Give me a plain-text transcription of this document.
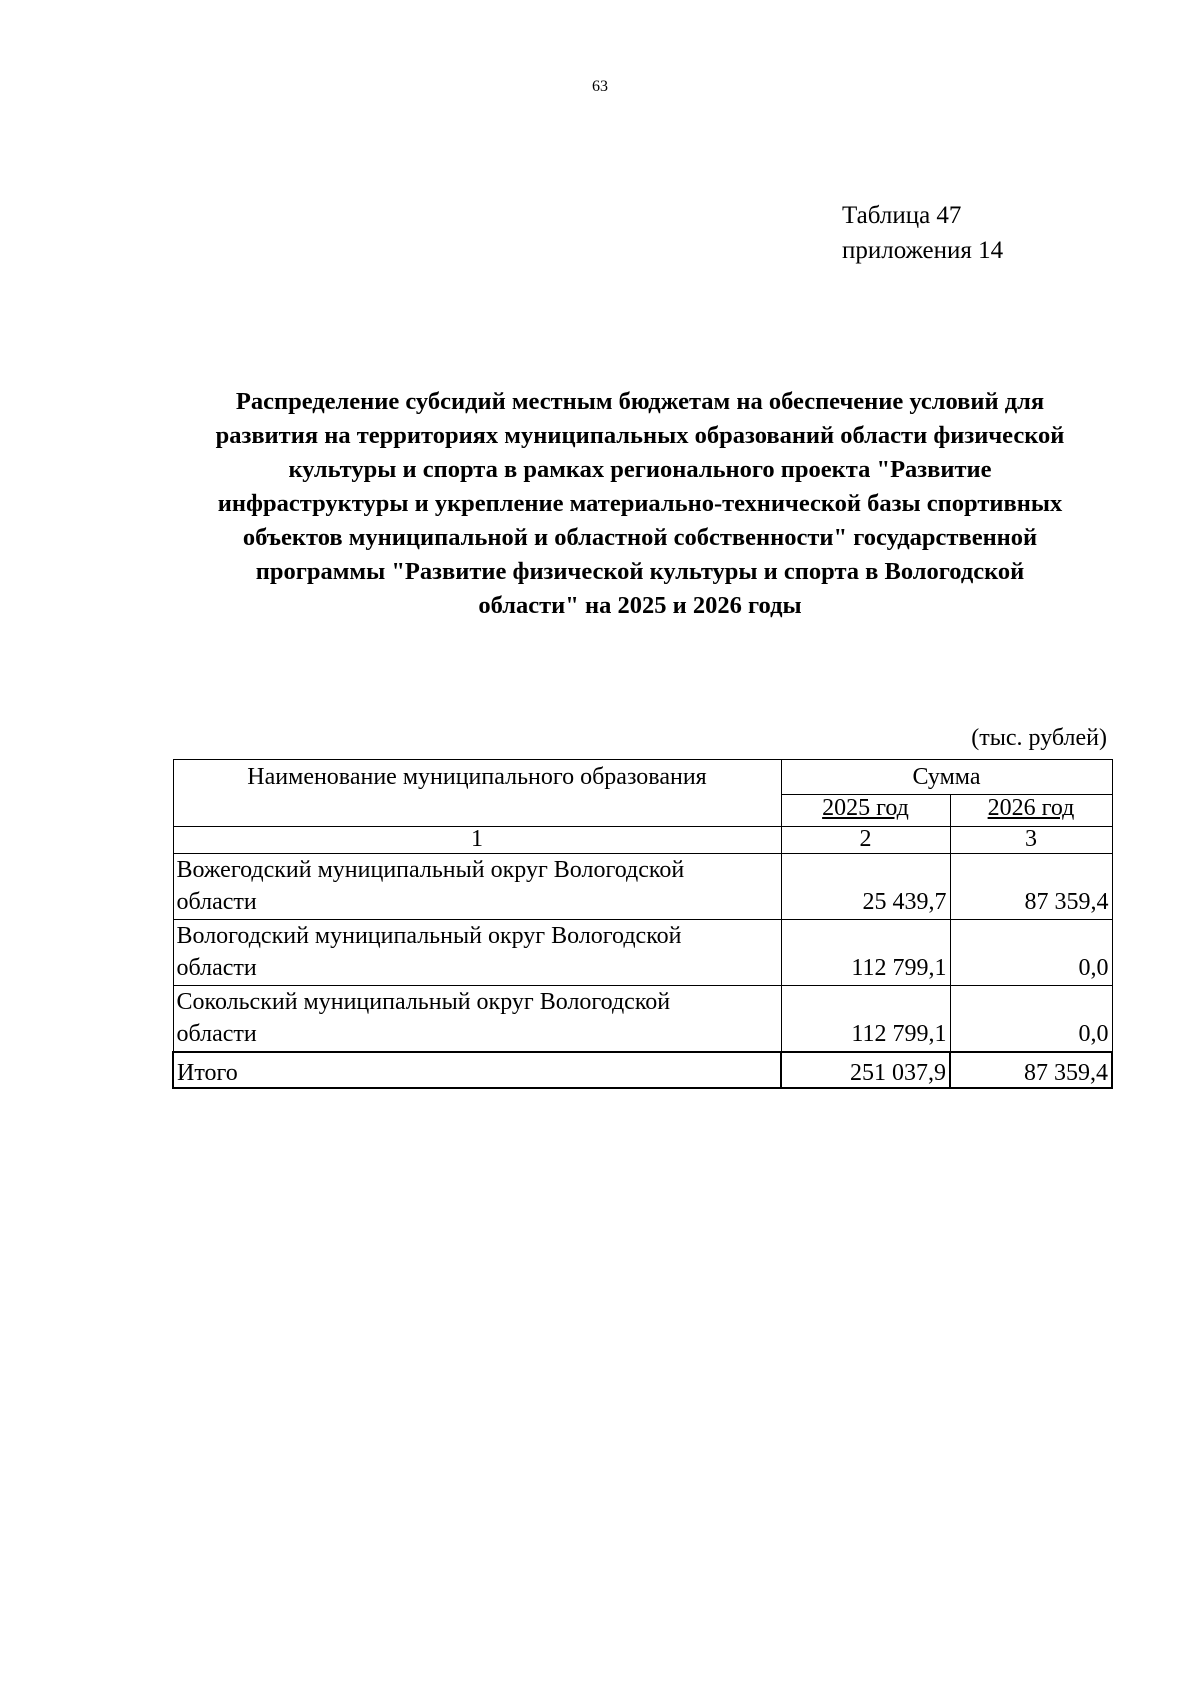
63
Таблица 47
приложения 14
Распределение субсидий местным бюджетам на обеспечение условий для
развития на территориях муниципальных образований области физической
культуры и спорта в рамках регионального проекта "Развитие
инфраструктуры и укрепление материально-технической базы спортивных
объектов муниципальной и областной собственности" государственной
программы "Развитие физической культуры и спорта в Вологодской
области" на 2025 и 2026 годы
(тыс. рублей)
Наименование муниципального образования	Сумма	
	2025 год	2026 год
1	2	3

Вожегодский муниципальный округ Вологодской
области	25 439,7	87 359,4

Вологодский муниципальный округ Вологодской
области	112 799,1	0,0

Сокольский муниципальный округ Вологодской
области	112 799,1	0,0
Итого	251 037,9	87 359,4
